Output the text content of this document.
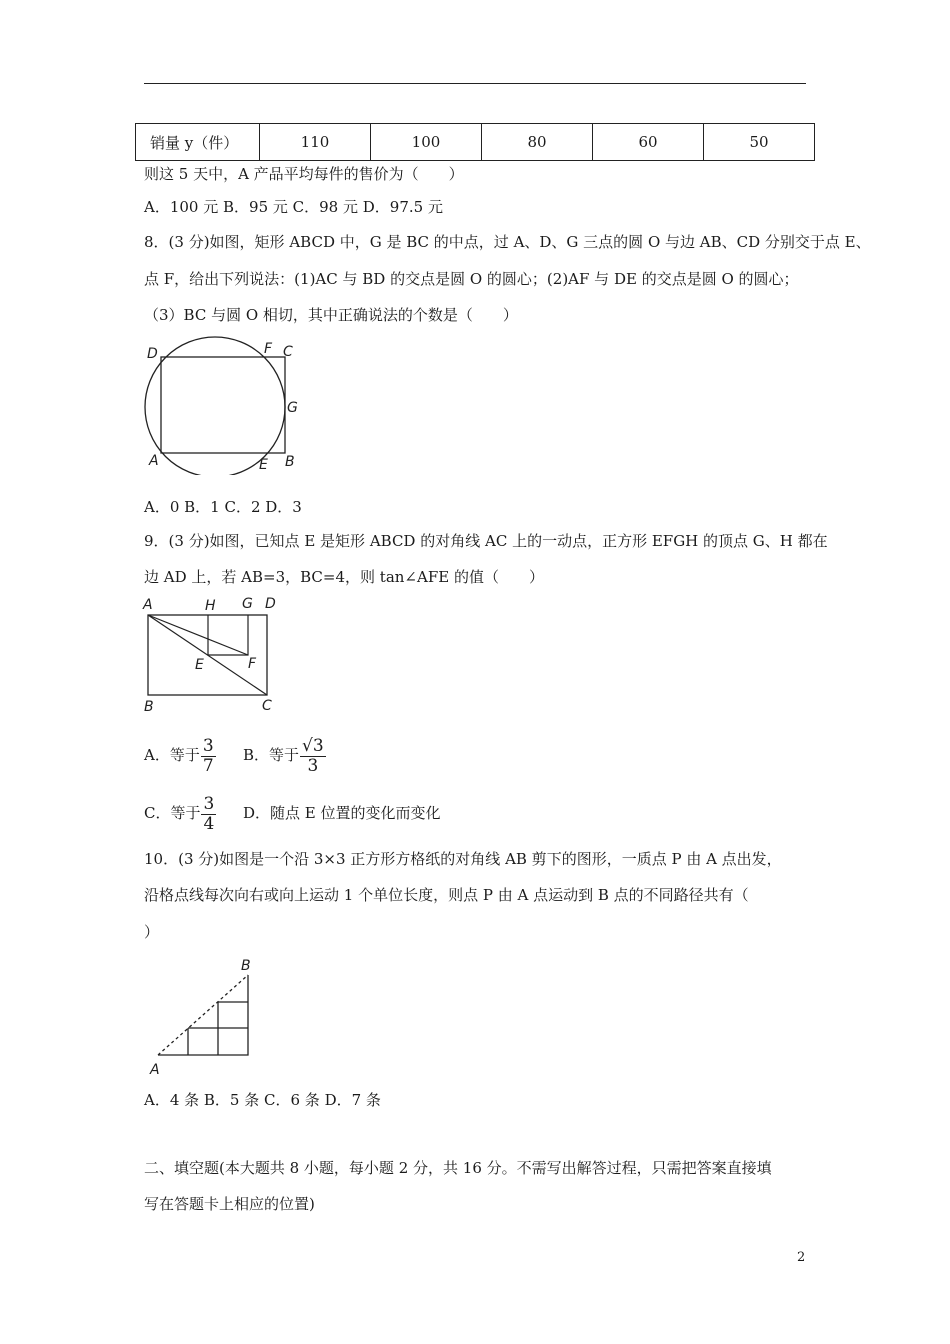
销量 y（件）	110	100	80	60	50
则这 5 天中，A 产品平均每件的售价为（　　）
A．100 元 B．95 元 C．98 元 D．97.5 元
8．(3 分)如图，矩形 ABCD 中，G 是 BC 的中点，过 A、D、G 三点的圆 O 与边 AB、CD 分别交于点 E、
点 F，给出下列说法：(1)AC 与 BD 的交点是圆 O 的圆心；(2)AF 与 DE 的交点是圆 O 的圆心；
（3）BC 与圆 O 相切，其中正确说法的个数是（　　）
D	F C
G
A	E B
A．0 B．1 C．2 D．3
9．(3 分)如图，已知点 E 是矩形 ABCD 的对角线 AC 上的一动点，正方形 EFGH 的顶点 G、H 都在
边 AD 上，若 AB=3，BC=4，则 tan∠AFE 的值（　　）
A	H G D
E	F
B	C
A．等于 $\frac{3}{7}$ B．等于 $\frac{√3}{3}$
C．等于 $\frac{3}{4}$ D．随点 E 位置的变化而变化
10．(3 分)如图是一个沿 3×3 正方形方格纸的对角线 AB 剪下的图形，一质点 P 由 A 点出发，
沿格点线每次向右或向上运动 1 个单位长度，则点 P 由 A 点运动到 B 点的不同路径共有（
）
A
B
A．4 条 B．5 条 C．6 条 D．7 条
二、填空题(本大题共 8 小题，每小题 2 分，共 16 分。不需写出解答过程，只需把答案直接填
写在答题卡上相应的位置)
2
